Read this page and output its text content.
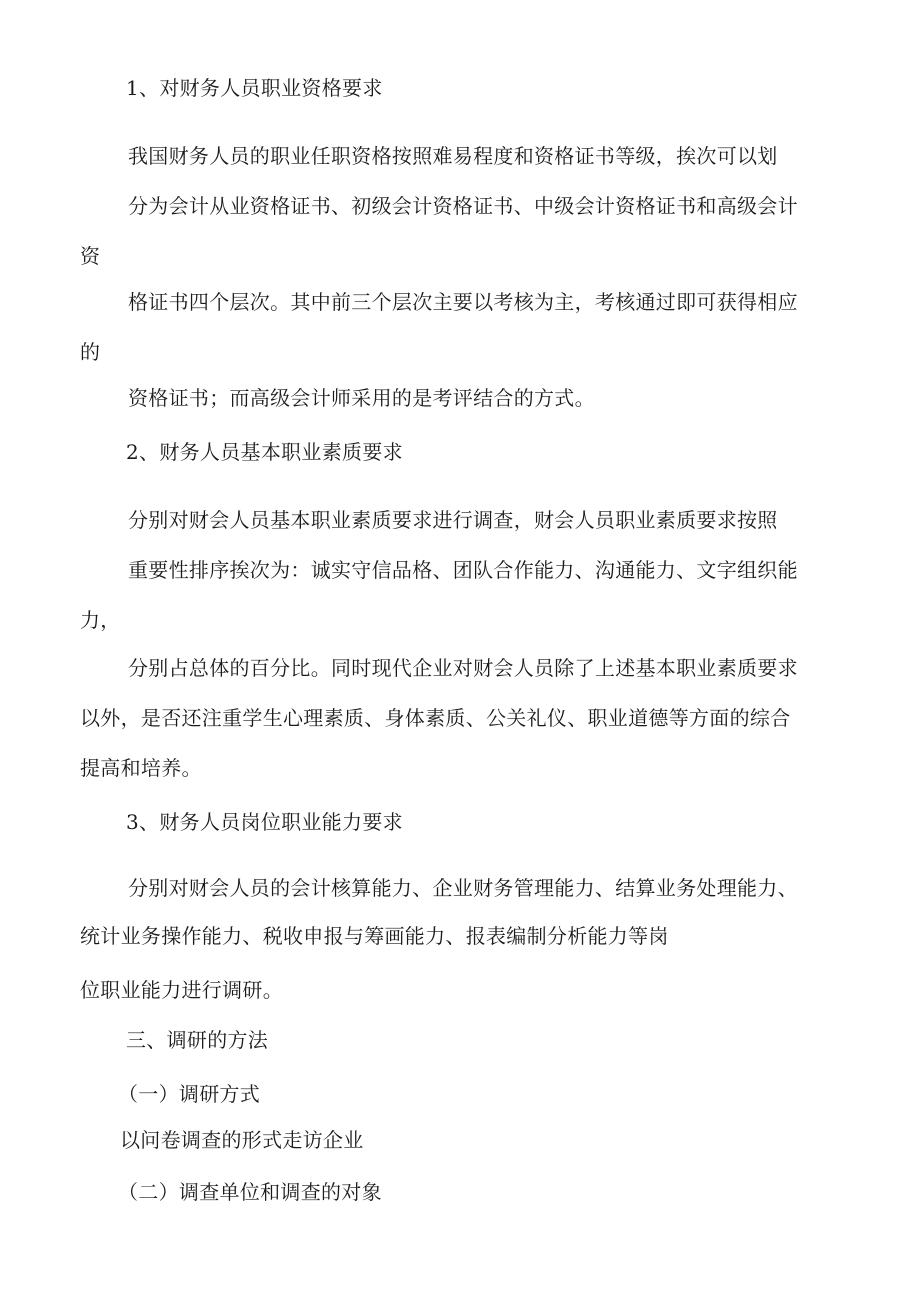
1、对财务人员职业资格要求
我国财务人员的职业任职资格按照难易程度和资格证书等级，挨次可以划
分为会计从业资格证书、初级会计资格证书、中级会计资格证书和高级会计
资
格证书四个层次。其中前三个层次主要以考核为主，考核通过即可获得相应
的
资格证书；而高级会计师采用的是考评结合的方式。
2、财务人员基本职业素质要求
分别对财会人员基本职业素质要求进行调查，财会人员职业素质要求按照
重要性排序挨次为：诚实守信品格、团队合作能力、沟通能力、文字组织能
力，
分别占总体的百分比。同时现代企业对财会人员除了上述基本职业素质要求
以外，是否还注重学生心理素质、身体素质、公关礼仪、职业道德等方面的综合
提高和培养。
3、财务人员岗位职业能力要求
分别对财会人员的会计核算能力、企业财务管理能力、结算业务处理能力、
统计业务操作能力、税收申报与筹画能力、报表编制分析能力等岗
位职业能力进行调研。
三、调研的方法
（一）调研方式
以问卷调查的形式走访企业
（二）调查单位和调查的对象
